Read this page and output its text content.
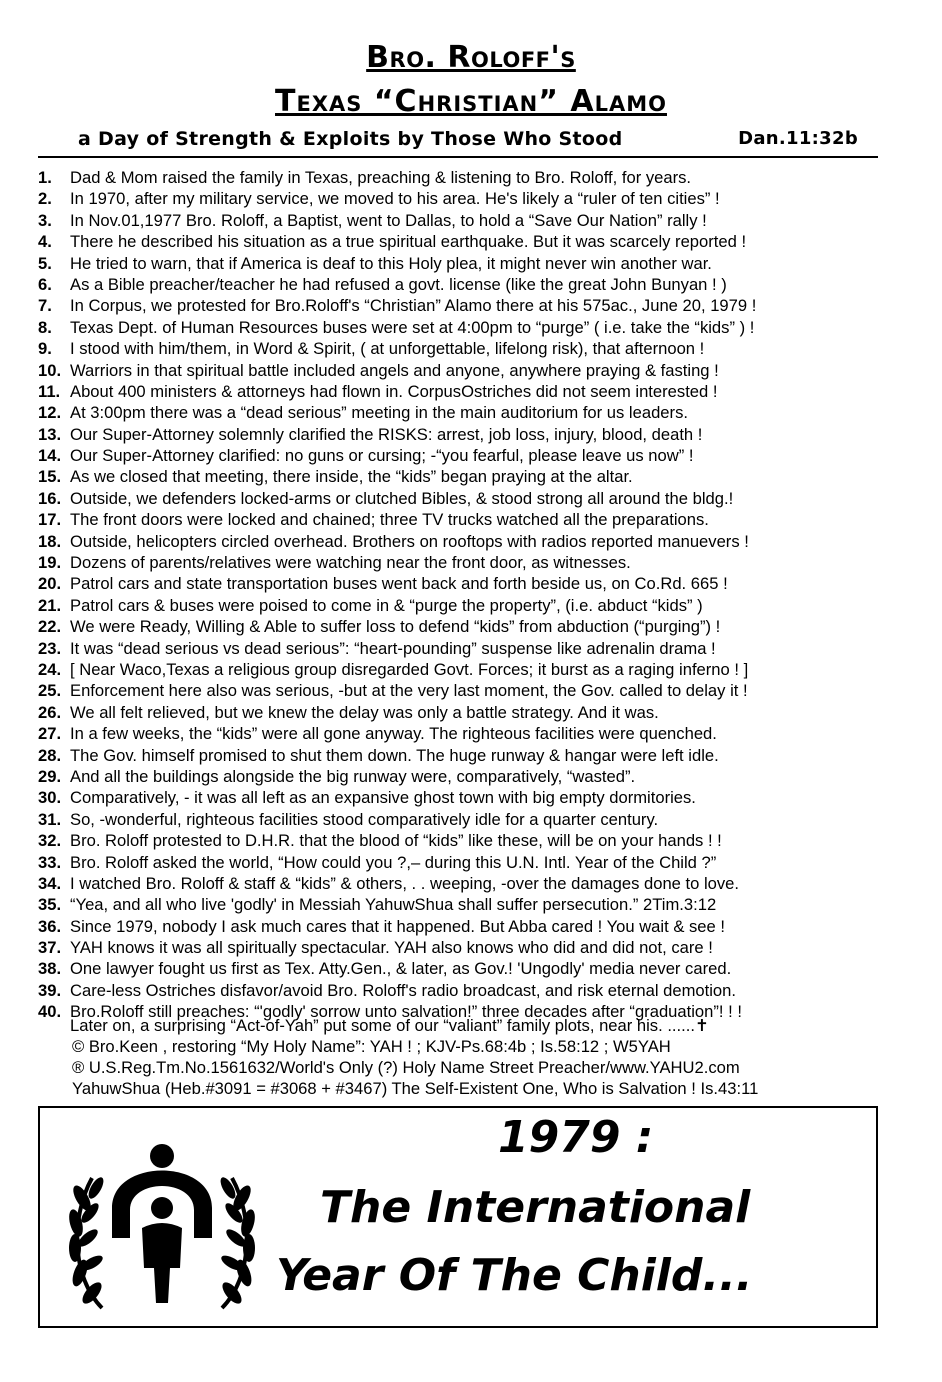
Bro. Roloff's
Texas “Christian” Alamo
a Day of Strength & Exploits by Those Who Stood	Dan.11:32b
1.	Dad & Mom raised the family in Texas, preaching & listening to Bro. Roloff, for years.
2.	In 1970, after my military service, we moved to his area. He's likely a “ruler of ten cities” !
3.	In Nov.01,1977 Bro. Roloff, a Baptist, went to Dallas, to hold a “Save Our Nation” rally !
4.	There he described his situation as a true spiritual earthquake. But it was scarcely reported !
5.	He tried to warn, that if America is deaf to this Holy plea, it might never win another war.
6.	As a Bible preacher/teacher he had refused a govt. license (like the great John Bunyan ! )
7.	In Corpus, we protested for Bro.Roloff's “Christian” Alamo there at his 575ac., June 20, 1979 !
8.	Texas Dept. of Human Resources buses were set at 4:00pm to “purge” ( i.e. take the “kids” ) !
9.	I stood with him/them, in Word & Spirit, ( at unforgettable, lifelong risk), that afternoon !
10. Warriors in that spiritual battle included angels and anyone, anywhere praying & fasting !
11. About 400 ministers & attorneys had flown in. CorpusOstriches did not seem interested !
12. At 3:00pm there was a “dead serious” meeting in the main auditorium for us leaders.
13. Our Super-Attorney solemnly clarified the RISKS: arrest, job loss, injury, blood, death !
14. Our Super-Attorney clarified: no guns or cursing; -“you fearful, please leave us now” !
15. As we closed that meeting, there inside, the “kids” began praying at the altar.
16. Outside, we defenders locked-arms or clutched Bibles, & stood strong all around the bldg.!
17. The front doors were locked and chained; three TV trucks watched all the preparations.
18. Outside, helicopters circled overhead. Brothers on rooftops with radios reported manuevers !
19. Dozens of parents/relatives were watching near the front door, as witnesses.
20. Patrol cars and state transportation buses went back and forth beside us, on Co.Rd. 665 !
21. Patrol cars & buses were poised to come in & “purge the property”, (i.e. abduct “kids” )
22. We were Ready, Willing & Able to suffer loss to defend “kids” from abduction (“purging”) !
23. It was “dead serious vs dead serious”: “heart-pounding” suspense like adrenalin drama !
24. [ Near Waco,Texas a religious group disregarded Govt. Forces; it burst as a raging inferno ! ]
25. Enforcement here also was serious, -but at the very last moment, the Gov. called to delay it !
26. We all felt relieved, but we knew the delay was only a battle strategy. And it was.
27. In a few weeks, the “kids” were all gone anyway. The righteous facilities were quenched.
28. The Gov. himself promised to shut them down. The huge runway & hangar were left idle.
29. And all the buildings alongside the big runway were, comparatively, “wasted”.
30. Comparatively, - it was all left as an expansive ghost town with big empty dormitories.
31. So, -wonderful, righteous facilities stood comparatively idle for a quarter century.
32. Bro. Roloff protested to D.H.R. that the blood of “kids” like these, will be on your hands ! !
33. Bro. Roloff asked the world, “How could you ?,– during this U.N. Intl. Year of the Child ?”
34. I watched Bro. Roloff & staff & “kids” & others, . . weeping, -over the damages done to love.
35. “Yea, and all who live 'godly' in Messiah YahuwShua shall suffer persecution.” 2Tim.3:12
36. Since 1979, nobody I ask much cares that it happened. But Abba cared ! You wait & see !
37. YAH knows it was all spiritually spectacular. YAH also knows who did and did not, care !
38. One lawyer fought us first as Tex. Atty.Gen., & later, as Gov.! 'Ungodly' media never cared.
39. Care-less Ostriches disfavor/avoid Bro. Roloff's radio broadcast, and risk eternal demotion.
40. Bro.Roloff still preaches: “'godly' sorrow unto salvation!” three decades after “graduation”! ! !
Later on, a surprising “Act-of-Yah” put some of our “valiant” family plots, near his. ......✝
© Bro.Keen , restoring “My Holy Name”: YAH ! ; KJV-Ps.68:4b ; Is.58:12 ; W5YAH
® U.S.Reg.Tm.No.1561632/World's Only (?) Holy Name Street Preacher/www.YAHU2.com
YahuwShua (Heb.#3091 = #3068 + #3467) The Self-Existent One, Who is Salvation ! Is.43:11
1979 :
The International
Year Of The Child...
